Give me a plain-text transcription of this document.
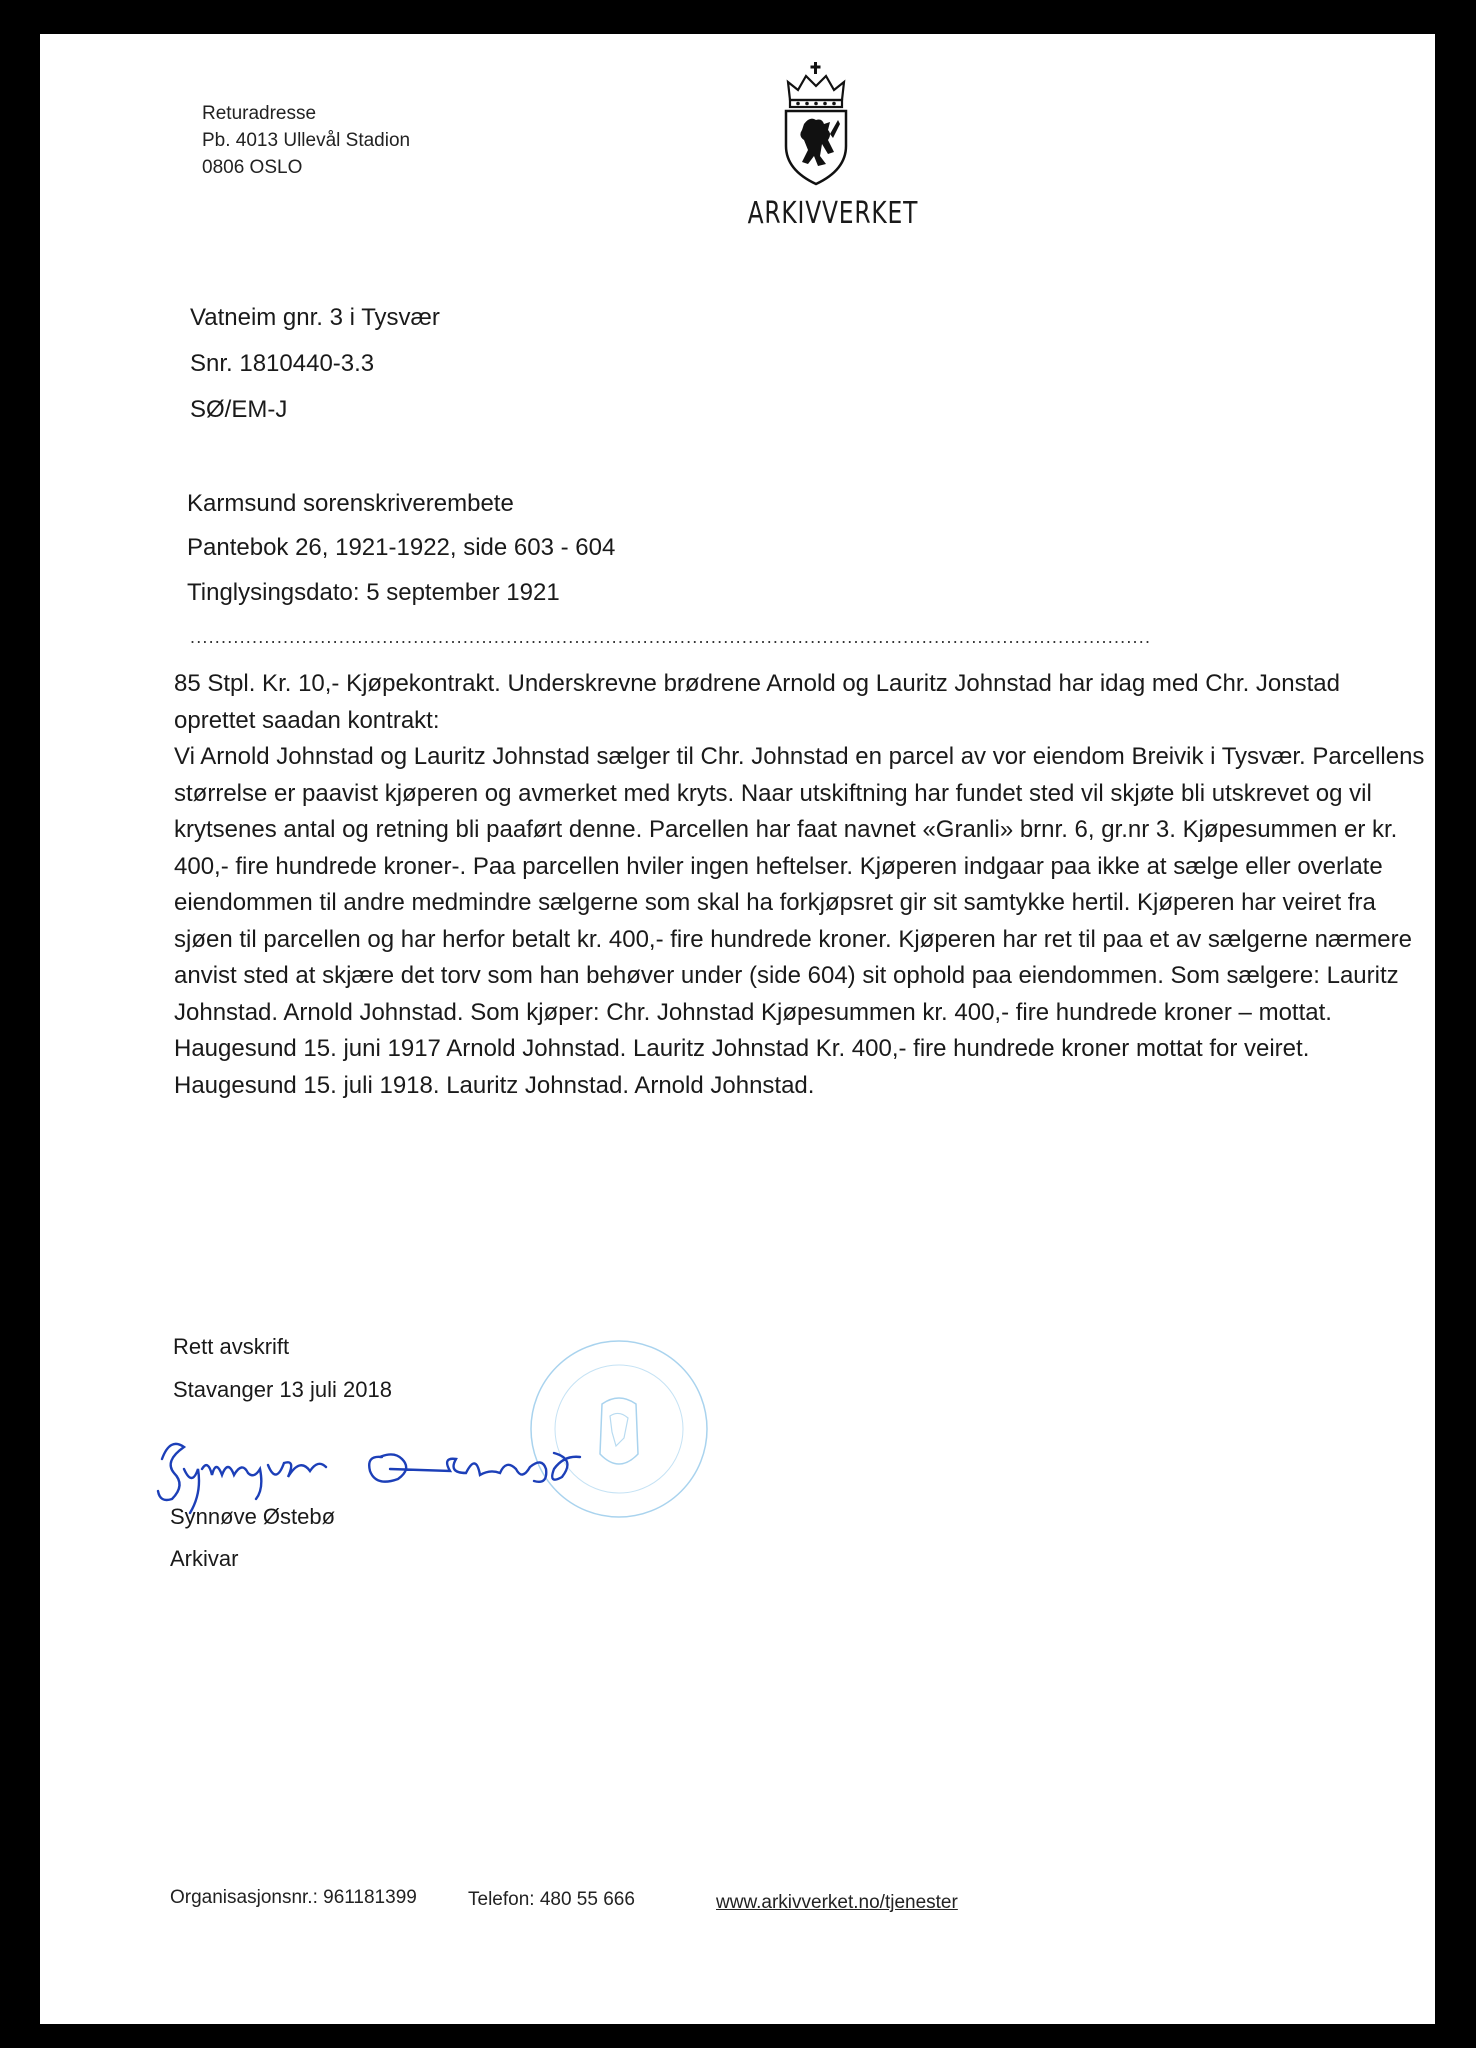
Returadresse
Pb. 4013 Ullevål Stadion
0806 OSLO
ARKIVVERKET
Vatneim gnr. 3 i Tysvær
Snr. 1810440-3.3
SØ/EM-J
Karmsund sorenskriverembete
Pantebok 26, 1921-1922, side 603 - 604
Tinglysingsdato: 5 september 1921
...........................................................................................................................................................

85 Stpl. Kr. 10,- Kjøpekontrakt. Underskrevne brødrene Arnold og Lauritz Johnstad har idag med Chr. Jonstad oprettet saadan kontrakt:

Vi Arnold Johnstad og Lauritz Johnstad sælger til Chr. Johnstad en parcel av vor eiendom Breivik i Tysvær. Parcellens størrelse er paavist kjøperen og avmerket med kryts. Naar utskiftning har fundet sted vil skjøte bli utskrevet og vil krytsenes antal og retning bli paaført denne. Parcellen har faat navnet «Granli» brnr. 6, gr.nr 3. Kjøpesummen er kr. 400,- fire hundrede kroner-. Paa parcellen hviler ingen heftelser. Kjøperen indgaar paa ikke at sælge eller overlate eiendommen til andre medmindre sælgerne som skal ha forkjøpsret gir sit samtykke hertil. Kjøperen har veiret fra sjøen til parcellen og har herfor betalt kr. 400,- fire hundrede kroner. Kjøperen har ret til paa et av sælgerne nærmere anvist sted at skjære det torv som han behøver under (side 604) sit ophold paa eiendommen. Som sælgere: Lauritz Johnstad. Arnold Johnstad. Som kjøper: Chr. Johnstad Kjøpesummen kr. 400,- fire hundrede kroner – mottat. Haugesund 15. juni 1917 Arnold Johnstad. Lauritz Johnstad Kr. 400,- fire hundrede kroner mottat for veiret. Haugesund 15. juli 1918. Lauritz Johnstad. Arnold Johnstad.

Rett avskrift
Stavanger 13 juli 2018
Synnøve Østebø
Arkivar
Organisasjonsnr.: 961181399	Telefon: 480 55 666	www.arkivverket.no/tjenester
